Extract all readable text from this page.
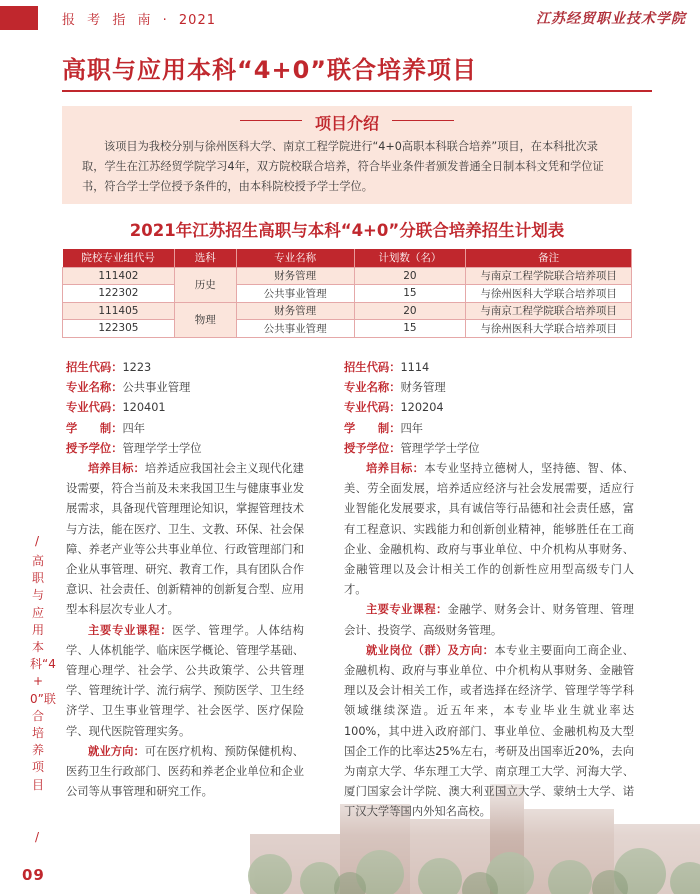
报 考 指 南 · 2021	江苏经贸职业技术学院
高职与应用本科“4+0”联合培养项目
项目介绍
该项目为我校分别与徐州医科大学、南京工程学院进行“4+0高职本科联合培养”项目，在本科批次录取，学生在江苏经贸学院学习4年，双方院校联合培养，符合毕业条件者颁发普通全日制本科文凭和学位证书，符合学士学位授予条件的，由本科院校授予学士学位。
2021年江苏招生高职与本科“4+0”分联合培养招生计划表
院校专业组代号	选科	专业名称	计划数（名）	备注
111402	历史	财务管理	20	与南京工程学院联合培养项目
122302		公共事业管理	15	与徐州医科大学联合培养项目
111405	物理	财务管理	20	与南京工程学院联合培养项目
122305		公共事业管理	15	与徐州医科大学联合培养项目
招生代码：1223
专业名称：公共事业管理
专业代码：120401
学　　制：四年
授予学位：管理学学士学位

培养目标：培养适应我国社会主义现代化建设需要，符合当前及未来我国卫生与健康事业发展需求，具备现代管理理论知识，掌握管理技术与方法，能在医疗、卫生、文教、环保、社会保障、养老产业等公共事业单位、行政管理部门和企业从事管理、研究、教育工作，具有团队合作意识、社会责任、创新精神的创新复合型、应用型本科层次专业人才。

主要专业课程：医学、管理学。人体结构学、人体机能学、临床医学概论、管理学基础、管理心理学、社会学、公共政策学、公共管理学、管理统计学、流行病学、预防医学、卫生经济学、卫生事业管理学、社会医学、医疗保险学、现代医院管理实务。

就业方向：可在医疗机构、预防保健机构、医药卫生行政部门、医药和养老企业单位和企业公司等从事管理和研究工作。

招生代码：1114
专业名称：财务管理
专业代码：120204
学　　制：四年
授予学位：管理学学士学位

培养目标：本专业坚持立德树人，坚持德、智、体、美、劳全面发展，培养适应经济与社会发展需要，适应行业智能化发展要求，具有诚信等行品德和社会责任感，富有工程意识、实践能力和创新创业精神，能够胜任在工商企业、金融机构、政府与事业单位、中介机构从事财务、金融管理以及会计相关工作的创新性应用型高级专门人才。

主要专业课程：金融学、财务会计、财务管理、管理会计、投资学、高级财务管理。

就业岗位（群）及方向：本专业主要面向工商企业、金融机构、政府与事业单位、中介机构从事财务、金融管理以及会计相关工作，或者选择在经济学、管理学等学科领域继续深造。近五年来，本专业毕业生就业率达100%，其中进入政府部门、事业单位、金融机构及大型国企工作的比率达25%左右，考研及出国率近20%，去向为南京大学、华东理工大学、南京理工大学、河海大学、厦门国家会计学院、澳大利亚国立大学、蒙纳士大学、诺丁汉大学等国内外知名高校。

/
高职与应用本科“4+0”联合培养项目
/
09
